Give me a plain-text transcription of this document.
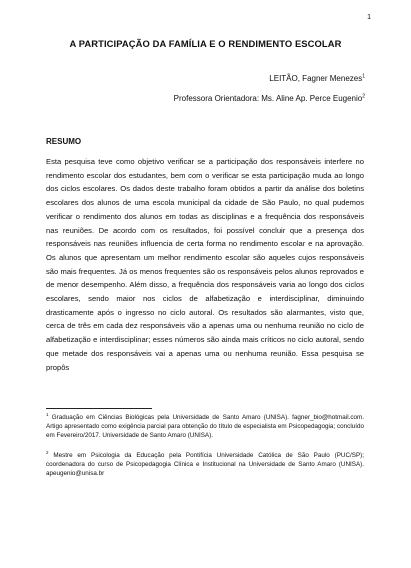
1
A PARTICIPAÇÃO DA FAMÍLIA E O RENDIMENTO ESCOLAR
LEITÃO, Fagner Menezes$^1$
Professora Orientadora: Ms. Aline Ap. Perce Eugenio$^2$
RESUMO

Esta pesquisa teve como objetivo verificar se a participação dos responsáveis interfere no rendimento escolar dos estudantes, bem com o verificar se esta participação muda ao longo dos ciclos escolares. Os dados deste trabalho foram obtidos a partir da análise dos boletins escolares dos alunos de uma escola municipal da cidade de São Paulo, no qual pudemos verificar o rendimento dos alunos em todas as disciplinas e a frequência dos responsáveis nas reuniões. De acordo com os resultados, foi possível concluir que a presença dos responsáveis nas reuniões influencia de certa forma no rendimento escolar e na aprovação. Os alunos que apresentam um melhor rendimento escolar são aqueles cujos responsáveis são mais frequentes. Já os menos frequentes são os responsáveis pelos alunos reprovados e de menor desempenho. Além disso, a frequência dos responsáveis varia ao longo dos ciclos escolares, sendo maior nos ciclos de alfabetização e interdisciplinar, diminuindo drasticamente após o ingresso no ciclo autoral. Os resultados são alarmantes, visto que, cerca de três em cada dez responsáveis vão a apenas uma ou nenhuma reunião no ciclo de alfabetização e interdisciplinar; esses números são ainda mais críticos no ciclo autoral, sendo que metade dos responsáveis vai a apenas uma ou nenhuma reunião. Essa pesquisa se propôs

$^1$ Graduação em Ciências Biológicas pela Universidade de Santo Amaro (UNISA). fagner_bio@hotmail.com. Artigo apresentado como exigência parcial para obtenção do título de especialista em Psicopedagogia; concluído em Fevereiro/2017. Universidade de Santo Amaro (UNISA).

$^2$ Mestre em Psicologia da Educação pela Pontifícia Universidade Católica de São Paulo (PUC/SP); coordenadora do curso de Psicopedagogia Clínica e Institucional na Universidade de Santo Amaro (UNISA). apeugenio@unisa.br
